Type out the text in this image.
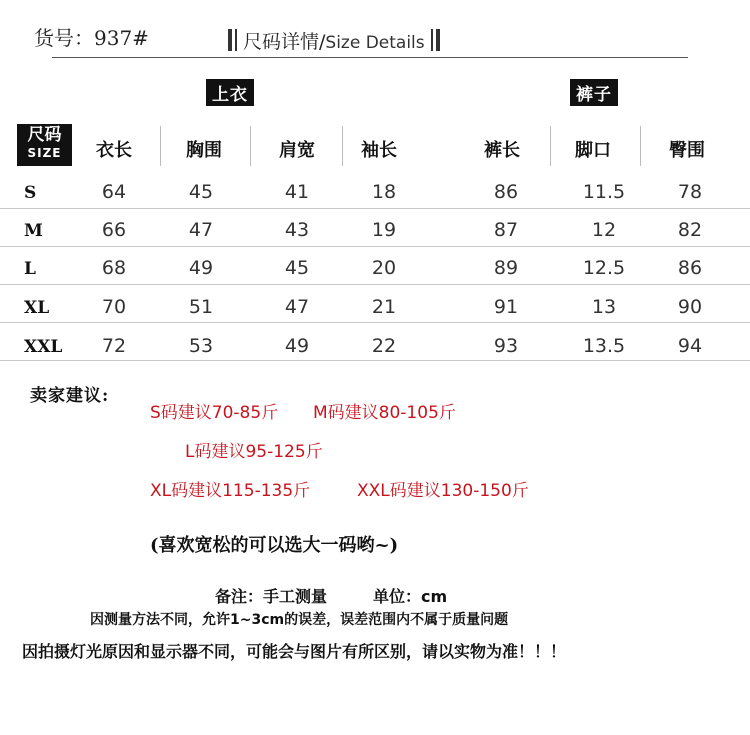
货号：937#	尺码详情/Size Details
上衣	裤子
尺码
SIZE	衣长	胸围	肩宽	袖长	裤长	脚口	臀围
S	64	45	41	18	86	11.5	78
M	66	47	43	19	87	12	82
L	68	49	45	20	89	12.5	86
XL	70	51	47	21	91	13	90
XXL 72	53	49	22	93	13.5	94
卖家建议:
S码建议70-85斤 M码建议80-105斤
L码建议95-125斤
XL码建议115-135斤	XXL码建议130-150斤
(喜欢宽松的可以选大一码哟~)
备注：手工测量	单位：cm
因测量方法不同，允许1~3cm的误差，误差范围内不属于质量问题
因拍摄灯光原因和显示器不同，可能会与图片有所区别，请以实物为准！！！
